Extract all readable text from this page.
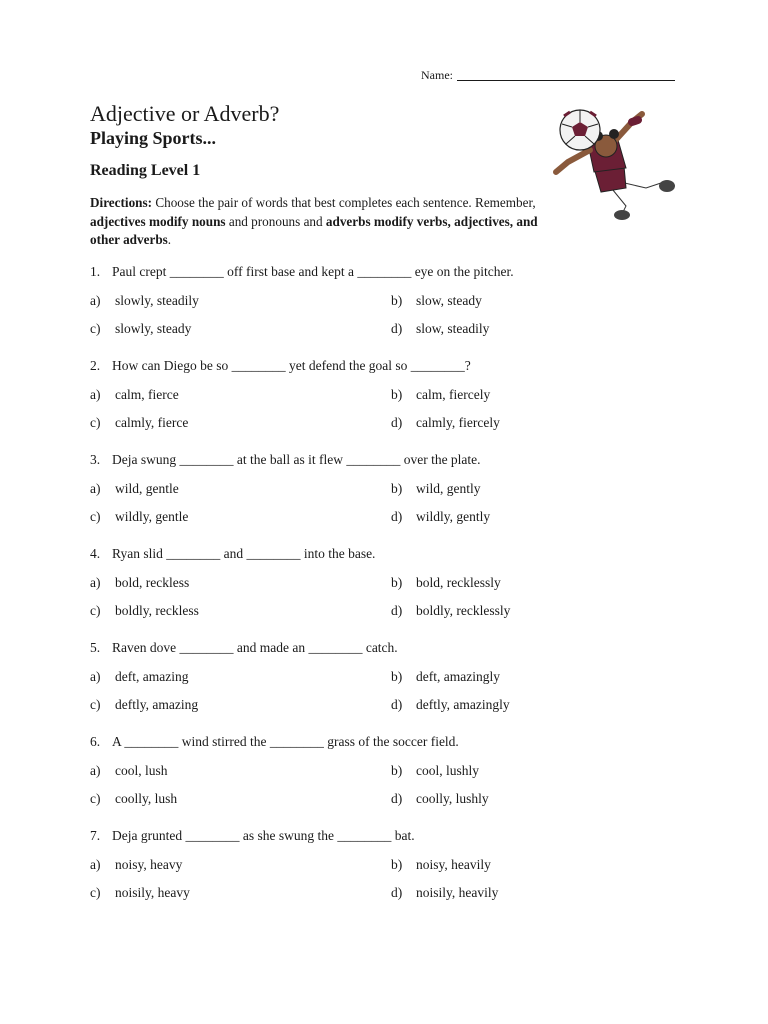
Name:
Adjective or Adverb?
Playing Sports...
Reading Level 1
Directions: Choose the pair of words that best completes each sentence. Remember, adjectives modify nouns and pronouns and adverbs modify verbs, adjectives, and other adverbs.
1. Paul crept ________ off first base and kept a ________ eye on the pitcher.
a) slowly, steadily	b) slow, steady
c) slowly, steady	d) slow, steadily
2. How can Diego be so ________ yet defend the goal so ________?
a) calm, fierce	b) calm, fiercely
c) calmly, fierce	d) calmly, fiercely
3. Deja swung ________ at the ball as it flew ________ over the plate.
a) wild, gentle	b) wild, gently
c) wildly, gentle	d) wildly, gently
4. Ryan slid ________ and ________ into the base.
a) bold, reckless	b) bold, recklessly
c) boldly, reckless	d) boldly, recklessly
5. Raven dove ________ and made an ________ catch.
a) deft, amazing	b) deft, amazingly
c) deftly, amazing	d) deftly, amazingly
6. A ________ wind stirred the ________ grass of the soccer field.
a) cool, lush	b) cool, lushly
c) coolly, lush	d) coolly, lushly
7. Deja grunted ________ as she swung the ________ bat.
a) noisy, heavy	b) noisy, heavily
c) noisily, heavy	d) noisily, heavily
